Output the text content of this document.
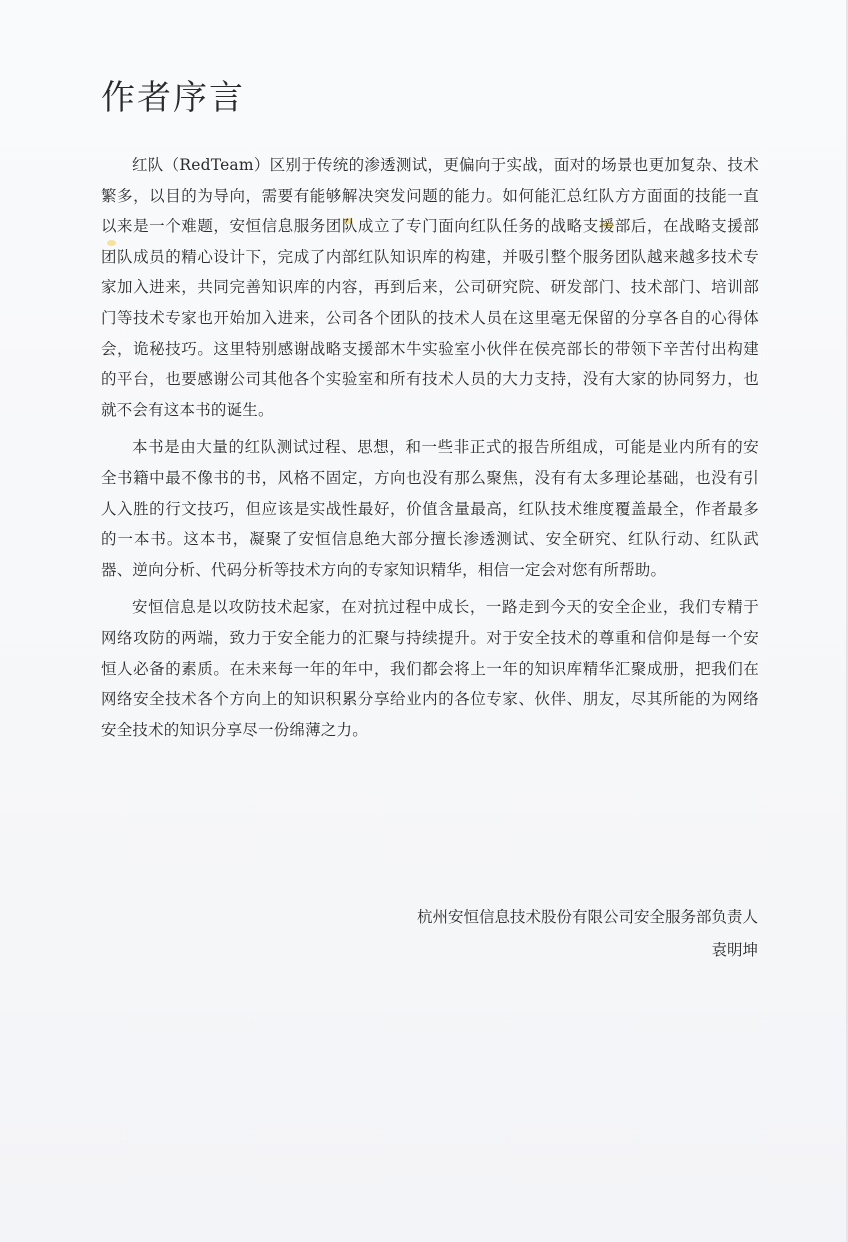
作者序言

红队（RedTeam）区别于传统的渗透测试，更偏向于实战，面对的场景也更加复杂、技术繁多，以目的为导向，需要有能够解决突发问题的能力。如何能汇总红队方方面面的技能一直以来是一个难题，安恒信息服务团队成立了专门面向红队任务的战略支援部后，在战略支援部团队成员的精心设计下，完成了内部红队知识库的构建，并吸引整个服务团队越来越多技术专家加入进来，共同完善知识库的内容，再到后来，公司研究院、研发部门、技术部门、培训部门等技术专家也开始加入进来，公司各个团队的技术人员在这里毫无保留的分享各自的心得体会，诡秘技巧。这里特别感谢战略支援部木牛实验室小伙伴在侯亮部长的带领下辛苦付出构建的平台，也要感谢公司其他各个实验室和所有技术人员的大力支持，没有大家的协同努力，也就不会有这本书的诞生。

本书是由大量的红队测试过程、思想，和一些非正式的报告所组成，可能是业内所有的安全书籍中最不像书的书，风格不固定，方向也没有那么聚焦，没有有太多理论基础，也没有引人入胜的行文技巧，但应该是实战性最好，价值含量最高，红队技术维度覆盖最全，作者最多的一本书。这本书，凝聚了安恒信息绝大部分擅长渗透测试、安全研究、红队行动、红队武器、逆向分析、代码分析等技术方向的专家知识精华，相信一定会对您有所帮助。

安恒信息是以攻防技术起家，在对抗过程中成长，一路走到今天的安全企业，我们专精于网络攻防的两端，致力于安全能力的汇聚与持续提升。对于安全技术的尊重和信仰是每一个安恒人必备的素质。在未来每一年的年中，我们都会将上一年的知识库精华汇聚成册，把我们在网络安全技术各个方向上的知识积累分享给业内的各位专家、伙伴、朋友，尽其所能的为网络安全技术的知识分享尽一份绵薄之力。

杭州安恒信息技术股份有限公司安全服务部负责人
袁明坤
